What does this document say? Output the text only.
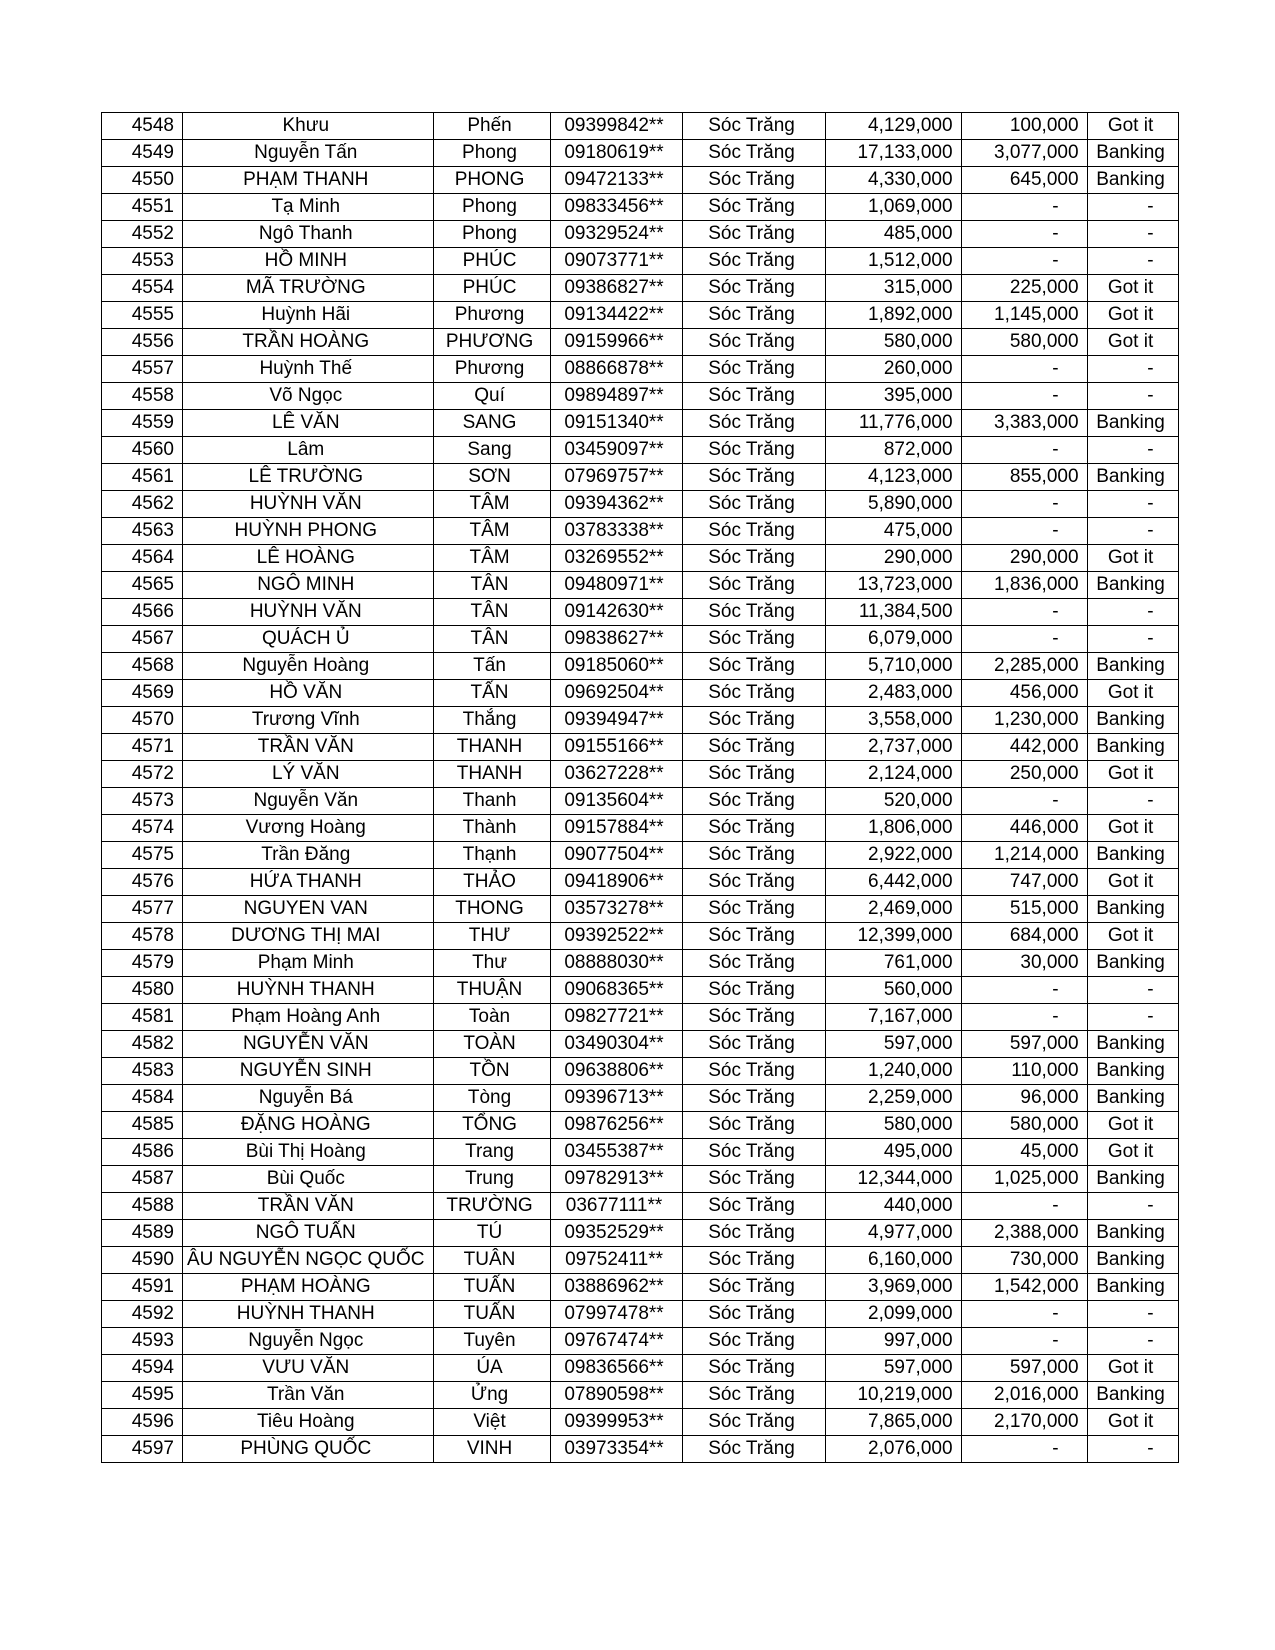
4548	Khưu	Phến	09399842**	Sóc Trăng	4,129,000	100,000	Got it
4549	Nguyễn Tấn	Phong	09180619**	Sóc Trăng	17,133,000	3,077,000	Banking
4550	PHẠM THANH	PHONG	09472133**	Sóc Trăng	4,330,000	645,000	Banking
4551	Tạ Minh	Phong	09833456**	Sóc Trăng	1,069,000	-	-
4552	Ngô Thanh	Phong	09329524**	Sóc Trăng	485,000	-	-
4553	HỒ MINH	PHÚC	09073771**	Sóc Trăng	1,512,000	-	-
4554	MÃ TRƯỜNG	PHÚC	09386827**	Sóc Trăng	315,000	225,000	Got it
4555	Huỳnh Hãi	Phương	09134422**	Sóc Trăng	1,892,000	1,145,000	Got it
4556	TRẦN HOÀNG	PHƯƠNG	09159966**	Sóc Trăng	580,000	580,000	Got it
4557	Huỳnh Thế	Phương	08866878**	Sóc Trăng	260,000	-	-
4558	Võ Ngọc	Quí	09894897**	Sóc Trăng	395,000	-	-
4559	LÊ VĂN	SANG	09151340**	Sóc Trăng	11,776,000	3,383,000	Banking
4560	Lâm	Sang	03459097**	Sóc Trăng	872,000	-	-
4561	LÊ TRƯỜNG	SƠN	07969757**	Sóc Trăng	4,123,000	855,000	Banking
4562	HUỲNH VĂN	TÂM	09394362**	Sóc Trăng	5,890,000	-	-
4563	HUỲNH PHONG	TÂM	03783338**	Sóc Trăng	475,000	-	-
4564	LÊ HOÀNG	TÂM	03269552**	Sóc Trăng	290,000	290,000	Got it
4565	NGÔ MINH	TÂN	09480971**	Sóc Trăng	13,723,000	1,836,000	Banking
4566	HUỲNH VĂN	TÂN	09142630**	Sóc Trăng	11,384,500	-	-
4567	QUÁCH Ủ	TÂN	09838627**	Sóc Trăng	6,079,000	-	-
4568	Nguyễn Hoàng	Tấn	09185060**	Sóc Trăng	5,710,000	2,285,000	Banking
4569	HỒ VĂN	TẤN	09692504**	Sóc Trăng	2,483,000	456,000	Got it
4570	Trương Vĩnh	Thắng	09394947**	Sóc Trăng	3,558,000	1,230,000	Banking
4571	TRẦN VĂN	THANH	09155166**	Sóc Trăng	2,737,000	442,000	Banking
4572	LÝ VĂN	THANH	03627228**	Sóc Trăng	2,124,000	250,000	Got it
4573	Nguyễn Văn	Thanh	09135604**	Sóc Trăng	520,000	-	-
4574	Vương Hoàng	Thành	09157884**	Sóc Trăng	1,806,000	446,000	Got it
4575	Trần Đăng	Thạnh	09077504**	Sóc Trăng	2,922,000	1,214,000	Banking
4576	HỨA THANH	THẢO	09418906**	Sóc Trăng	6,442,000	747,000	Got it
4577	NGUYEN VAN	THONG	03573278**	Sóc Trăng	2,469,000	515,000	Banking
4578	DƯƠNG THỊ MAI	THƯ	09392522**	Sóc Trăng	12,399,000	684,000	Got it
4579	Phạm Minh	Thư	08888030**	Sóc Trăng	761,000	30,000	Banking
4580	HUỲNH THANH	THUẬN	09068365**	Sóc Trăng	560,000	-	-
4581	Phạm Hoàng Anh	Toàn	09827721**	Sóc Trăng	7,167,000	-	-
4582	NGUYỄN VĂN	TOÀN	03490304**	Sóc Trăng	597,000	597,000	Banking
4583	NGUYỄN SINH	TỒN	09638806**	Sóc Trăng	1,240,000	110,000	Banking
4584	Nguyễn Bá	Tòng	09396713**	Sóc Trăng	2,259,000	96,000	Banking
4585	ĐẶNG HOÀNG	TỔNG	09876256**	Sóc Trăng	580,000	580,000	Got it
4586	Bùi Thị Hoàng	Trang	03455387**	Sóc Trăng	495,000	45,000	Got it
4587	Bùi Quốc	Trung	09782913**	Sóc Trăng	12,344,000	1,025,000	Banking
4588	TRẦN VĂN	TRƯỜNG	03677111**	Sóc Trăng	440,000	-	-
4589	NGÔ TUẤN	TÚ	09352529**	Sóc Trăng	4,977,000	2,388,000	Banking
4590	ÂU NGUYỄN NGỌC QUỐC	TUÂN	09752411**	Sóc Trăng	6,160,000	730,000	Banking
4591	PHẠM HOÀNG	TUẤN	03886962**	Sóc Trăng	3,969,000	1,542,000	Banking
4592	HUỲNH THANH	TUẤN	07997478**	Sóc Trăng	2,099,000	-	-
4593	Nguyễn Ngọc	Tuyên	09767474**	Sóc Trăng	997,000	-	-
4594	VƯU VĂN	ÚA	09836566**	Sóc Trăng	597,000	597,000	Got it
4595	Trần Văn	Ửng	07890598**	Sóc Trăng	10,219,000	2,016,000	Banking
4596	Tiêu Hoàng	Việt	09399953**	Sóc Trăng	7,865,000	2,170,000	Got it
4597	PHÙNG QUỐC	VINH	03973354**	Sóc Trăng	2,076,000	-	-
